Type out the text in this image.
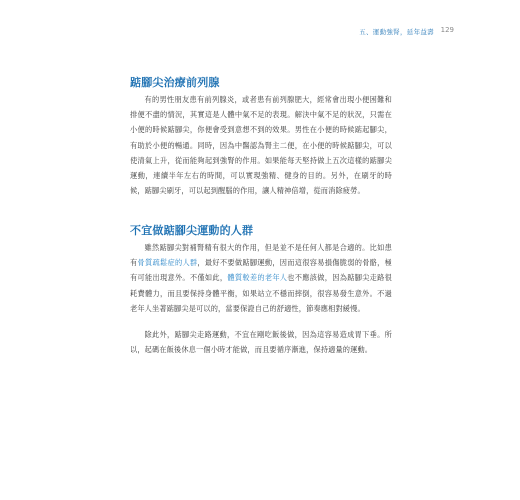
五、運動強腎，延年益壽 129
踮腳尖治療前列腺

有的男性朋友患有前列腺炎，或者患有前列腺肥大，經常會出現小便困難和排便不盡的情況，其實這是人體中氣不足的表現。解決中氣不足的狀況，只需在小便的時候踮腳尖，你便會受到意想不到的效果。男性在小便的時候踮起腳尖，有助於小便的暢通。同時，因為中醫認為腎主二便，在小便的時候踮腳尖，可以使清氣上升，從而能夠起到強腎的作用。如果能每天堅持做上五次這樣的踮腳尖運動，連續半年左右的時間，可以實現強精、健身的目的。另外，在刷牙的時候，踮腳尖刷牙，可以起到醒腦的作用，讓人精神倍增，從而消除疲勞。

不宜做踮腳尖運動的人群

雖然踮腳尖對補腎精有很大的作用，但是並不是任何人都是合適的。比如患有骨質疏鬆症的人群，最好不要做踮腳運動，因而這很容易損傷脆弱的骨骼，極有可能出現意外。不僅如此，體質較差的老年人也不應該做，因為踮腳尖走路很耗費體力，而且要保持身體平衡，如果站立不穩而摔倒，很容易發生意外。不過老年人坐著踮腳尖是可以的，當要保證自己的舒適性，節奏應相對緩慢。

除此外，踮腳尖走路運動，不宜在剛吃飯後做，因為這容易造成胃下垂。所以，起碼在飯後休息一個小時才能做，而且要循序漸進，保持適量的運動。
